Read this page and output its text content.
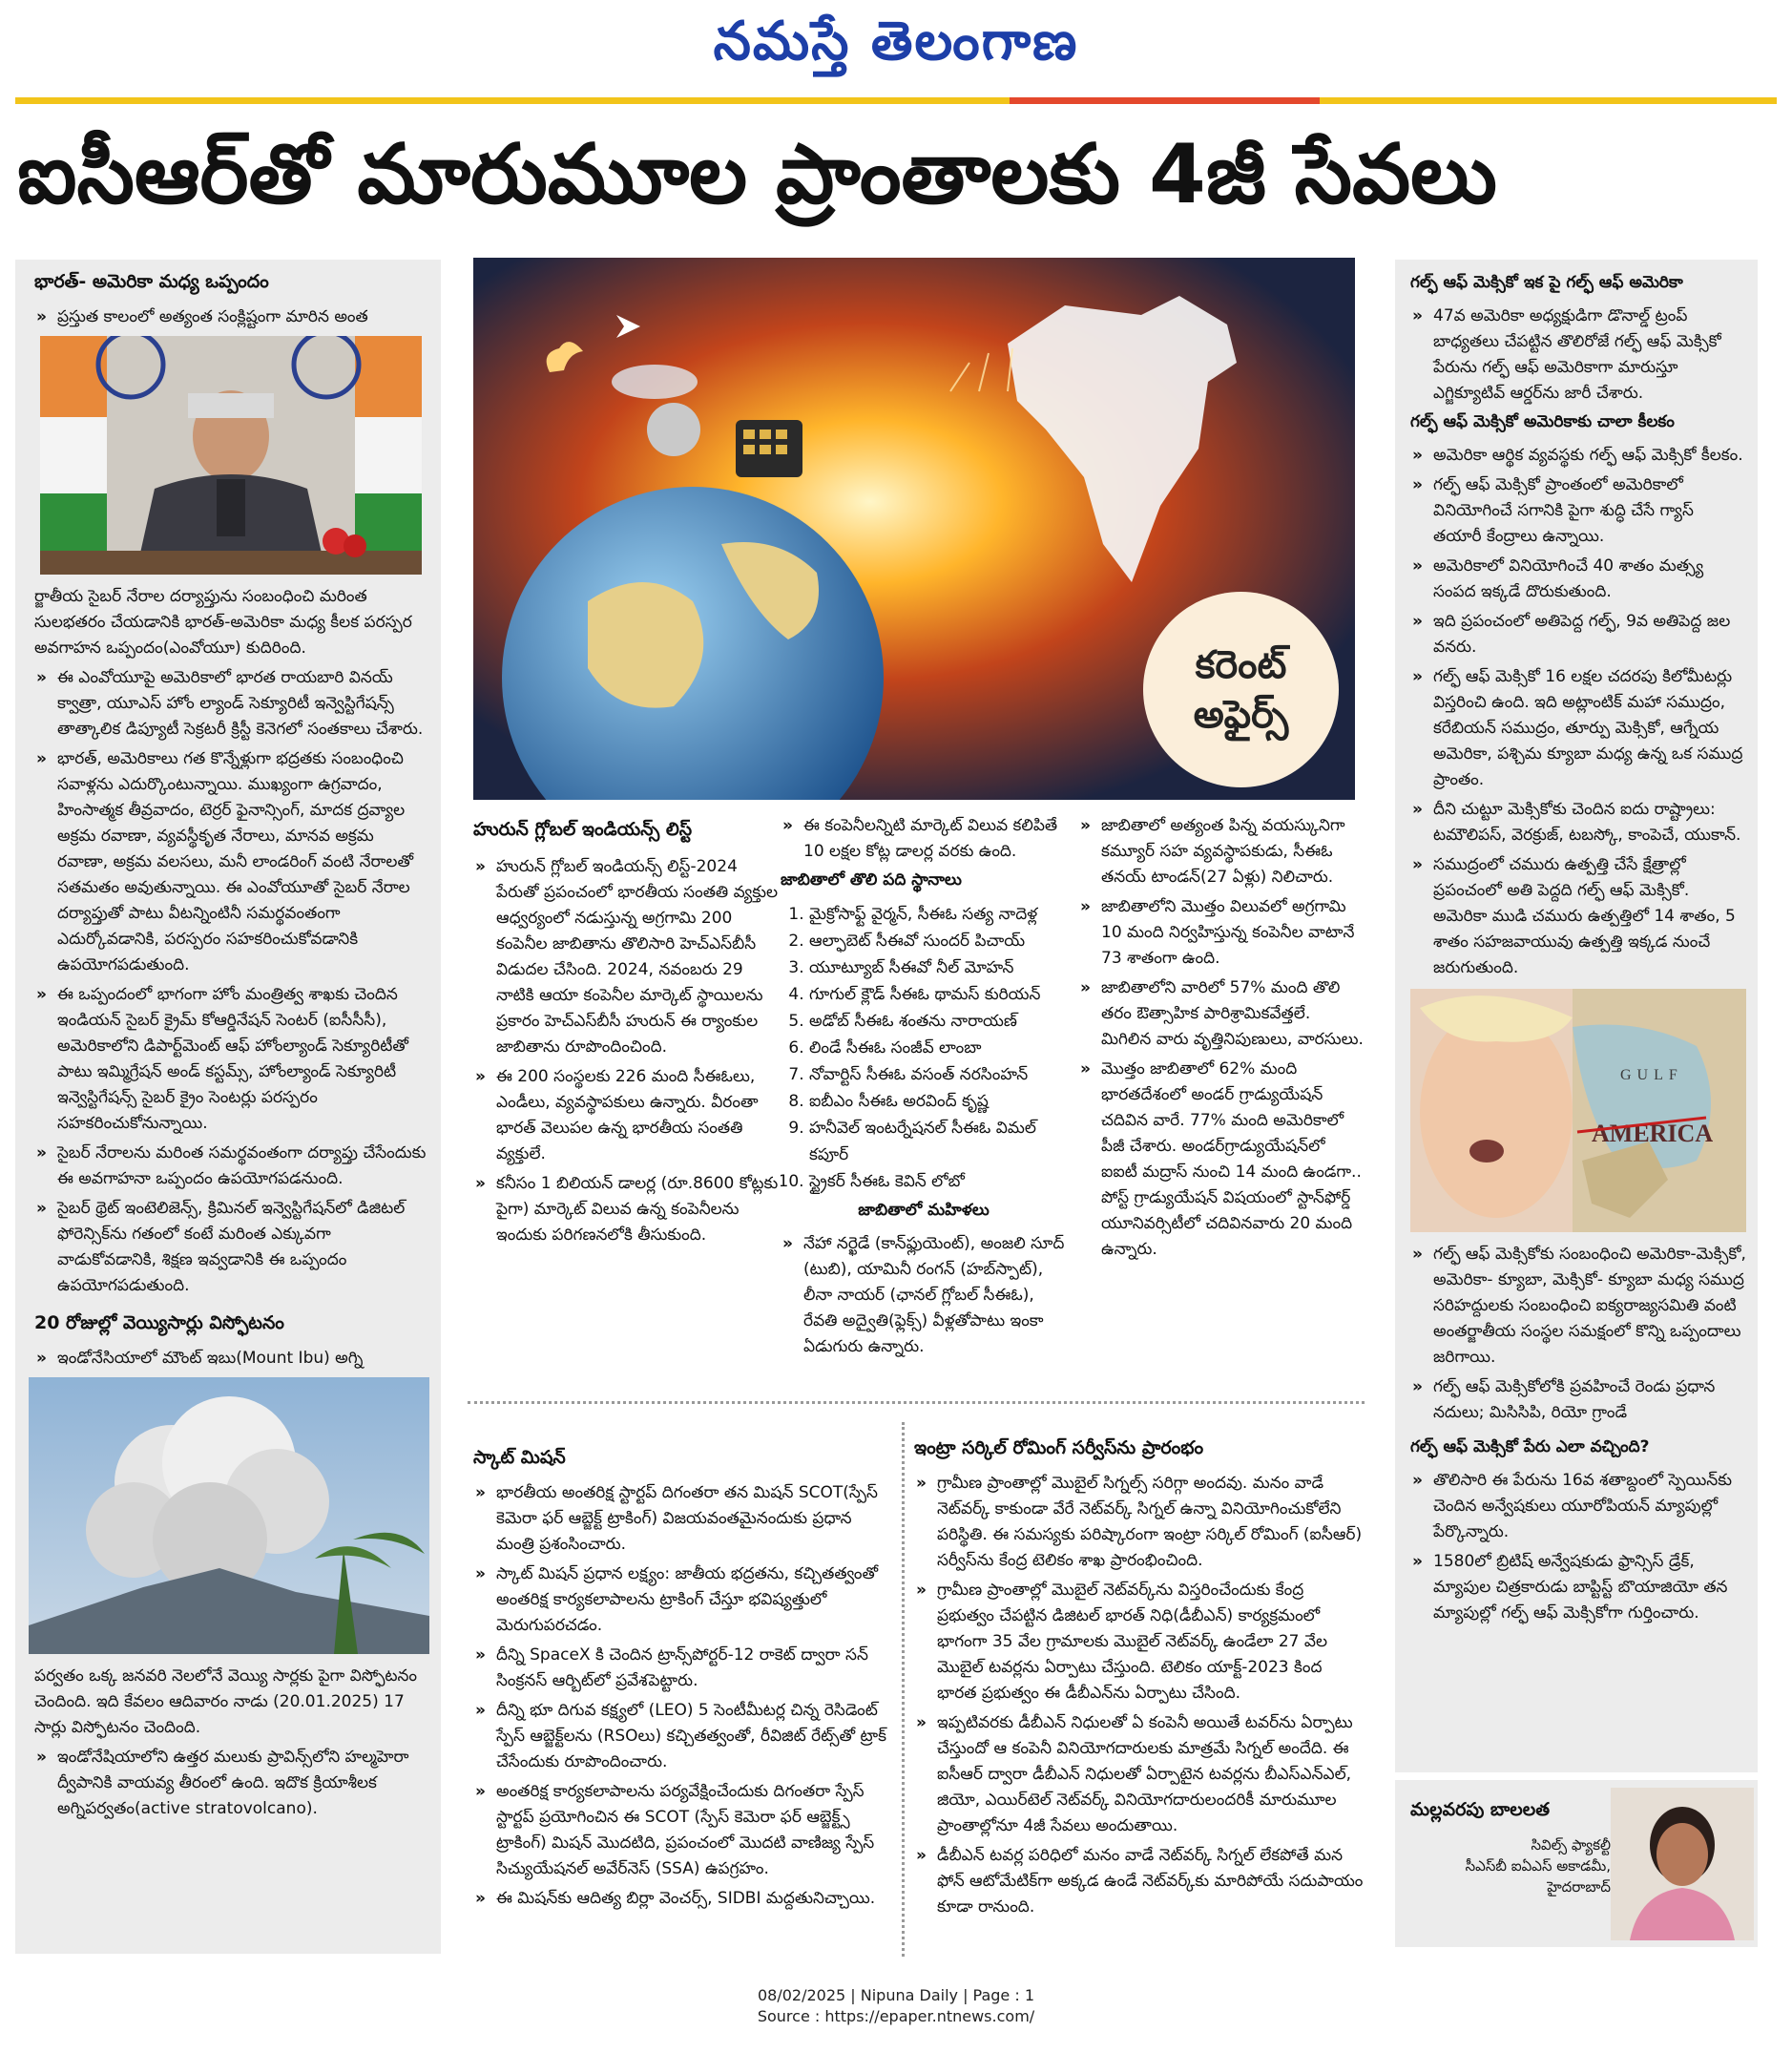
నమస్తే తెలంగాణ
ఐసీఆర్‌తో మారుమూల ప్రాంతాలకు 4జీ సేవలు
భారత్‌- అమెరికా మధ్య ఒప్పందం
» ప్రస్తుత కాలంలో అత్యంత సంక్లిష్టంగా మారిన అంత

ర్జాతీయ సైబర్ నేరాల దర్యాప్తును సంబంధించి మరింత సులభతరం చేయడానికి భారత్‌-అమెరికా మధ్య కీలక పరస్పర అవగాహన ఒప్పందం(ఎంవోయూ) కుదిరింది.

» ఈ ఎంవోయూపై అమెరికాలో భారత రాయబారి వినయ్ క్వాత్రా, యూఎస్ హోం ల్యాండ్ సెక్యూరిటీ ఇన్వెస్టిగేషన్స్ తాత్కాలిక డిప్యూటీ సెక్రటరీ క్రిస్టీ కెనెగలో సంతకాలు చేశారు.
» భారత్, అమెరికాలు గత కొన్నేళ్లుగా భద్రతకు సంబంధించి సవాళ్లను ఎదుర్కొంటున్నాయి. ముఖ్యంగా ఉగ్రవాదం, హింసాత్మక తీవ్రవాదం, టెర్రర్ ఫైనాన్సింగ్, మాదక ద్రవ్యాల అక్రమ రవాణా, వ్యవస్థీకృత నేరాలు, మానవ అక్రమ రవాణా, అక్రమ వలసలు, మనీ లాండరింగ్ వంటి నేరాలతో సతమతం అవుతున్నాయి. ఈ ఎంవోయూతో సైబర్ నేరాల దర్యాప్తుతో పాటు వీటన్నింటినీ సమర్థవంతంగా ఎదుర్కోవడానికి, పరస్పరం సహకరించుకోవడానికి ఉపయోగపడుతుంది.
» ఈ ఒప్పందంలో భాగంగా హోం మంత్రిత్వ శాఖకు చెందిన ఇండియన్ సైబర్ క్రైమ్ కోఆర్డినేషన్ సెంటర్ (ఐసీసీసీ), అమెరికాలోని డిపార్ట్‌మెంట్ ఆఫ్ హోంల్యాండ్ సెక్యూరిటీతో పాటు ఇమ్మిగ్రేషన్ అండ్ కస్టమ్స్, హోంల్యాండ్ సెక్యూరిటీ ఇన్వెస్టిగేషన్స్ సైబర్ క్రైం సెంటర్లు పరస్పరం సహకరించుకోనున్నాయి.
» సైబర్ నేరాలను మరింత సమర్థవంతంగా దర్యాప్తు చేసేందుకు ఈ అవగాహనా ఒప్పందం ఉపయోగపడనుంది.
» సైబర్ థ్రెట్ ఇంటెలిజెన్స్, క్రిమినల్ ఇన్వెస్టిగేషన్‌లో డిజిటల్ ఫోరెన్సిక్‌ను గతంలో కంటే మరింత ఎక్కువగా వాడుకోవడానికి, శిక్షణ ఇవ్వడానికి ఈ ఒప్పందం ఉపయోగపడుతుంది.
20 రోజుల్లో వెయ్యిసార్లు విస్ఫోటనం
» ఇండోనేసియాలో మౌంట్ ఇబు(Mount Ibu) అగ్ని

పర్వతం ఒక్క జనవరి నెలలోనే వెయ్యి సార్లకు పైగా విస్ఫోటనం చెందింది. ఇది కేవలం ఆదివారం నాడు (20.01.2025) 17 సార్లు విస్ఫోటనం చెందింది.

» ఇండోనేషియాలోని ఉత్తర మలుకు ప్రావిన్స్‌లోని హల్మహెరా ద్వీపానికి వాయవ్య తీరంలో ఉంది. ఇదొక క్రియాశీలక అగ్నిపర్వతం(active stratovolcano).
కరెంట్
అఫైర్స్
హురున్ గ్లోబల్ ఇండియన్స్ లిస్ట్
» హురున్ గ్లోబల్ ఇండియన్స్ లిస్ట్-2024 పేరుతో ప్రపంచంలో భారతీయ సంతతి వ్యక్తుల ఆధ్వర్యంలో నడుస్తున్న అగ్రగామి 200 కంపెనీల జాబితాను తొలిసారి హెచ్‌ఎస్‌బీసీ విడుదల చేసింది. 2024, నవంబరు 29 నాటికి ఆయా కంపెనీల మార్కెట్ స్థాయిలను ప్రకారం హెచ్‌ఎస్‌బీసీ హురున్ ఈ ర్యాంకుల జాబితాను రూపొందించింది.
» ఈ 200 సంస్థలకు 226 మంది సీఈఓలు, ఎండీలు, వ్యవస్థాపకులు ఉన్నారు. వీరంతా భారత్ వెలుపల ఉన్న భారతీయ సంతతి వ్యక్తులే.
» కనీసం 1 బిలియన్ డాలర్ల (రూ.8600 కోట్లకు పైగా) మార్కెట్ విలువ ఉన్న కంపెనీలను ఇందుకు పరిగణనలోకి తీసుకుంది.
» ఈ కంపెనీలన్నిటి మార్కెట్ విలువ కలిపితే 10 లక్షల కోట్ల డాలర్ల వరకు ఉంది.
జాబితాలో తొలి పది స్థానాలు
1. మైక్రోసాఫ్ట్ వైర్మన్, సీఈఓ సత్య నాదెళ్ల
2. ఆల్ఫాబెట్ సీఈవో సుందర్ పిచాయ్
3. యూట్యూబ్ సీఈవో నీల్ మోహన్
4. గూగుల్ క్లౌడ్ సీఈఓ థామస్ కురియన్
5. అడోబ్ సీఈఓ శంతను నారాయణ్
6. లిండే సీఈఓ సంజీవ్ లాంబా
7. నోవార్టిస్ సీఈఓ వసంత్ నరసింహన్
8. ఐబీఎం సీఈఓ అరవింద్ కృష్ణ
9. హనీవెల్ ఇంటర్నేషనల్ సీఈఓ విమల్ కపూర్
10. స్ట్రైకర్ సీఈఓ కెవిన్ లోబో
జాబితాలో మహిళలు
» నేహా నర్ఖెడే (కాన్‌ఫ్లుయెంట్), అంజలి సూద్ (టుబి), యామినీ రంగన్ (హబ్‌స్పాట్), లీనా నాయర్ (ఛానల్ గ్లోబల్ సీఈఓ), రేవతి అద్వైతి(ఫ్లెక్స్) వీళ్లతోపాటు ఇంకా ఏడుగురు ఉన్నారు.
» జాబితాలో అత్యంత పిన్న వయస్కునిగా కమ్యూర్ సహ వ్యవస్థాపకుడు, సీఈఓ తనయ్ టాండన్(27 ఏళ్లు) నిలిచారు.
» జాబితాలోని మొత్తం విలువలో అగ్రగామి 10 మంది నిర్వహిస్తున్న కంపెనీల వాటానే 73 శాతంగా ఉంది.
» జాబితాలోని వారిలో 57% మంది తొలి తరం ఔత్సాహిక పారిశ్రామికవేత్తలే. మిగిలిన వారు వృత్తినిపుణులు, వారసులు.
» మొత్తం జాబితాలో 62% మంది భారతదేశంలో అండర్ గ్రాడ్యుయేషన్ చదివిన వారే. 77% మంది అమెరికాలో పీజీ చేశారు. అండర్‌గ్రాడ్యుయేషన్‌లో ఐఐటీ మద్రాస్ నుంచి 14 మంది ఉండగా.. పోస్ట్ గ్రాడ్యుయేషన్ విషయంలో స్టాన్‌ఫోర్డ్ యూనివర్సిటీలో చదివినవారు 20 మంది ఉన్నారు.
స్కాట్ మిషన్
» భారతీయ అంతరిక్ష స్టార్టప్ దిగంతరా తన మిషన్ SCOT(స్పేస్ కెమెరా ఫర్ ఆబ్జెక్ట్ ట్రాకింగ్) విజయవంతమైనందుకు ప్రధాన మంత్రి ప్రశంసించారు.
» స్కాట్ మిషన్ ప్రధాన లక్ష్యం: జాతీయ భద్రతను, కచ్చితత్వంతో అంతరిక్ష కార్యకలాపాలను ట్రాకింగ్ చేస్తూ భవిష్యత్తులో మెరుగుపరచడం.
» దీన్ని SpaceX కి చెందిన ట్రాన్స్‌పోర్టర్-12 రాకెట్ ద్వారా సన్ సింక్రనస్ ఆర్బిట్‌లో ప్రవేశపెట్టారు.
» దీన్ని భూ దిగువ కక్ష్యలో (LEO) 5 సెంటీమీటర్ల చిన్న రెసిడెంట్ స్పేస్ ఆబ్జెక్ట్‌లను (RSOలు) కచ్చితత్వంతో, రీవిజిట్ రేట్స్‌తో ట్రాక్ చేసేందుకు రూపొందించారు.
» అంతరిక్ష కార్యకలాపాలను పర్యవేక్షించేందుకు దిగంతరా స్పేస్ స్టార్టప్ ప్రయోగించిన ఈ SCOT (స్పేస్ కెమెరా ఫర్ ఆబ్జెక్ట్స్ ట్రాకింగ్) మిషన్ మొదటిది, ప్రపంచంలో మొదటి వాణిజ్య స్పేస్ సిచ్యుయేషనల్ అవేర్‌నెస్ (SSA) ఉపగ్రహం.
» ఈ మిషన్‌కు ఆదిత్య బిర్లా వెంచర్స్, SIDBI మద్దతునిచ్చాయి.
ఇంట్రా సర్కిల్ రోమింగ్ సర్వీస్‌ను ప్రారంభం
» గ్రామీణ ప్రాంతాల్లో మొబైల్ సిగ్నల్స్ సరిగ్గా అందవు. మనం వాడే నెట్‌వర్క్ కాకుండా వేరే నెట్‌వర్క్ సిగ్నల్ ఉన్నా వినియోగించుకోలేని పరిస్థితి. ఈ సమస్యకు పరిష్కారంగా ఇంట్రా సర్కిల్ రోమింగ్ (ఐసీఆర్) సర్వీస్‌ను కేంద్ర టెలికం శాఖ ప్రారంభించింది.
» గ్రామీణ ప్రాంతాల్లో మొబైల్ నెట్‌వర్క్‌ను విస్తరించేందుకు కేంద్ర ప్రభుత్వం చేపట్టిన డిజిటల్ భారత్ నిధి(డీబీఎన్) కార్యక్రమంలో భాగంగా 35 వేల గ్రామాలకు మొబైల్ నెట్‌వర్క్ ఉండేలా 27 వేల మొబైల్ టవర్లను ఏర్పాటు చేస్తుంది. టెలికం యాక్ట్-2023 కింద భారత ప్రభుత్వం ఈ డీబీఎన్‌ను ఏర్పాటు చేసింది.
» ఇప్పటివరకు డీబీఎన్ నిధులతో ఏ కంపెనీ అయితే టవర్‌ను ఏర్పాటు చేస్తుందో ఆ కంపెనీ వినియోగదారులకు మాత్రమే సిగ్నల్ అందేది. ఈ ఐసీఆర్ ద్వారా డీబీఎన్ నిధులతో ఏర్పాటైన టవర్లను బీఎస్‌ఎన్‌ఎల్, జియో, ఎయిర్‌టెల్ నెట్‌వర్క్ వినియోగదారులందరికీ మారుమూల ప్రాంతాల్లోనూ 4జీ సేవలు అందుతాయి.
» డీబీఎన్ టవర్ల పరిధిలో మనం వాడే నెట్‌వర్క్ సిగ్నల్ లేకపోతే మన ఫోన్ ఆటోమేటిక్‌గా అక్కడ ఉండే నెట్‌వర్క్‌కు మారిపోయే సదుపాయం కూడా రానుంది.
గల్ఫ్ ఆఫ్ మెక్సికో ఇక పై గల్ఫ్ ఆఫ్ అమెరికా
» 47వ అమెరికా అధ్యక్షుడిగా డొనాల్డ్ ట్రంప్ బాధ్యతలు చేపట్టిన తొలిరోజే గల్ఫ్ ఆఫ్ మెక్సికో పేరును గల్ఫ్ ఆఫ్ అమెరికాగా మారుస్తూ ఎగ్జిక్యూటివ్ ఆర్డర్‌ను జారీ చేశారు.
గల్ఫ్ ఆఫ్ మెక్సికో అమెరికాకు చాలా కీలకం
» అమెరికా ఆర్థిక వ్యవస్థకు గల్ఫ్ ఆఫ్ మెక్సికో కీలకం.
» గల్ఫ్ ఆఫ్ మెక్సికో ప్రాంతంలో అమెరికాలో వినియోగించే సగానికి పైగా శుద్ధి చేసే గ్యాస్ తయారీ కేంద్రాలు ఉన్నాయి.
» అమెరికాలో వినియోగించే 40 శాతం మత్స్య సంపద ఇక్కడే దొరుకుతుంది.
» ఇది ప్రపంచంలో అతిపెద్ద గల్ఫ్, 9వ అతిపెద్ద జల వనరు.
» గల్ఫ్ ఆఫ్ మెక్సికో 16 లక్షల చదరపు కిలోమీటర్లు విస్తరించి ఉంది. ఇది అట్లాంటిక్ మహా సముద్రం, కరేబియన్ సముద్రం, తూర్పు మెక్సికో, ఆగ్నేయ అమెరికా, పశ్చిమ క్యూబా మధ్య ఉన్న ఒక సముద్ర ప్రాంతం.
» దీని చుట్టూ మెక్సికోకు చెందిన ఐదు రాష్ట్రాలు: టమౌలిపస్, వెరక్రుజ్, టబస్కో, కాంపెచే, యుకాన్.
» సముద్రంలో చమురు ఉత్పత్తి చేసే క్షేత్రాల్లో ప్రపంచంలో అతి పెద్దది గల్ఫ్ ఆఫ్ మెక్సికో. అమెరికా ముడి చమురు ఉత్పత్తిలో 14 శాతం, 5 శాతం సహజవాయువు ఉత్పత్తి ఇక్కడ నుంచే జరుగుతుంది.
GULF
AMERICA
» గల్ఫ్ ఆఫ్ మెక్సికోకు సంబంధించి అమెరికా-మెక్సికో, అమెరికా- క్యూబా, మెక్సికో- క్యూబా మధ్య సముద్ర సరిహద్దులకు సంబంధించి ఐక్యరాజ్యసమితి వంటి అంతర్జాతీయ సంస్థల సమక్షంలో కొన్ని ఒప్పందాలు జరిగాయి.
» గల్ఫ్ ఆఫ్ మెక్సికోలోకి ప్రవహించే రెండు ప్రధాన నదులు; మిసిసిపి, రియో గ్రాండే
గల్ఫ్ ఆఫ్ మెక్సికో పేరు ఎలా వచ్చింది?
» తొలిసారి ఈ పేరును 16వ శతాబ్దంలో స్పెయిన్‌కు చెందిన అన్వేషకులు యూరోపియన్ మ్యాపుల్లో పేర్కొన్నారు.
» 1580లో బ్రిటిష్ అన్వేషకుడు ఫ్రాన్సిస్ డ్రేక్, మ్యాపుల చిత్రకారుడు బాప్టిస్ట్ బొయాజియో తన మ్యాపుల్లో గల్ఫ్ ఆఫ్ మెక్సికోగా గుర్తించారు.
మల్లవరపు బాలలత
సివిల్స్ ఫ్యాకల్టీ
సీఎస్‌బీ ఐఏఎస్ అకాడమీ,
హైదరాబాద్
08/02/2025 | Nipuna Daily | Page : 1
Source : https://epaper.ntnews.com/
